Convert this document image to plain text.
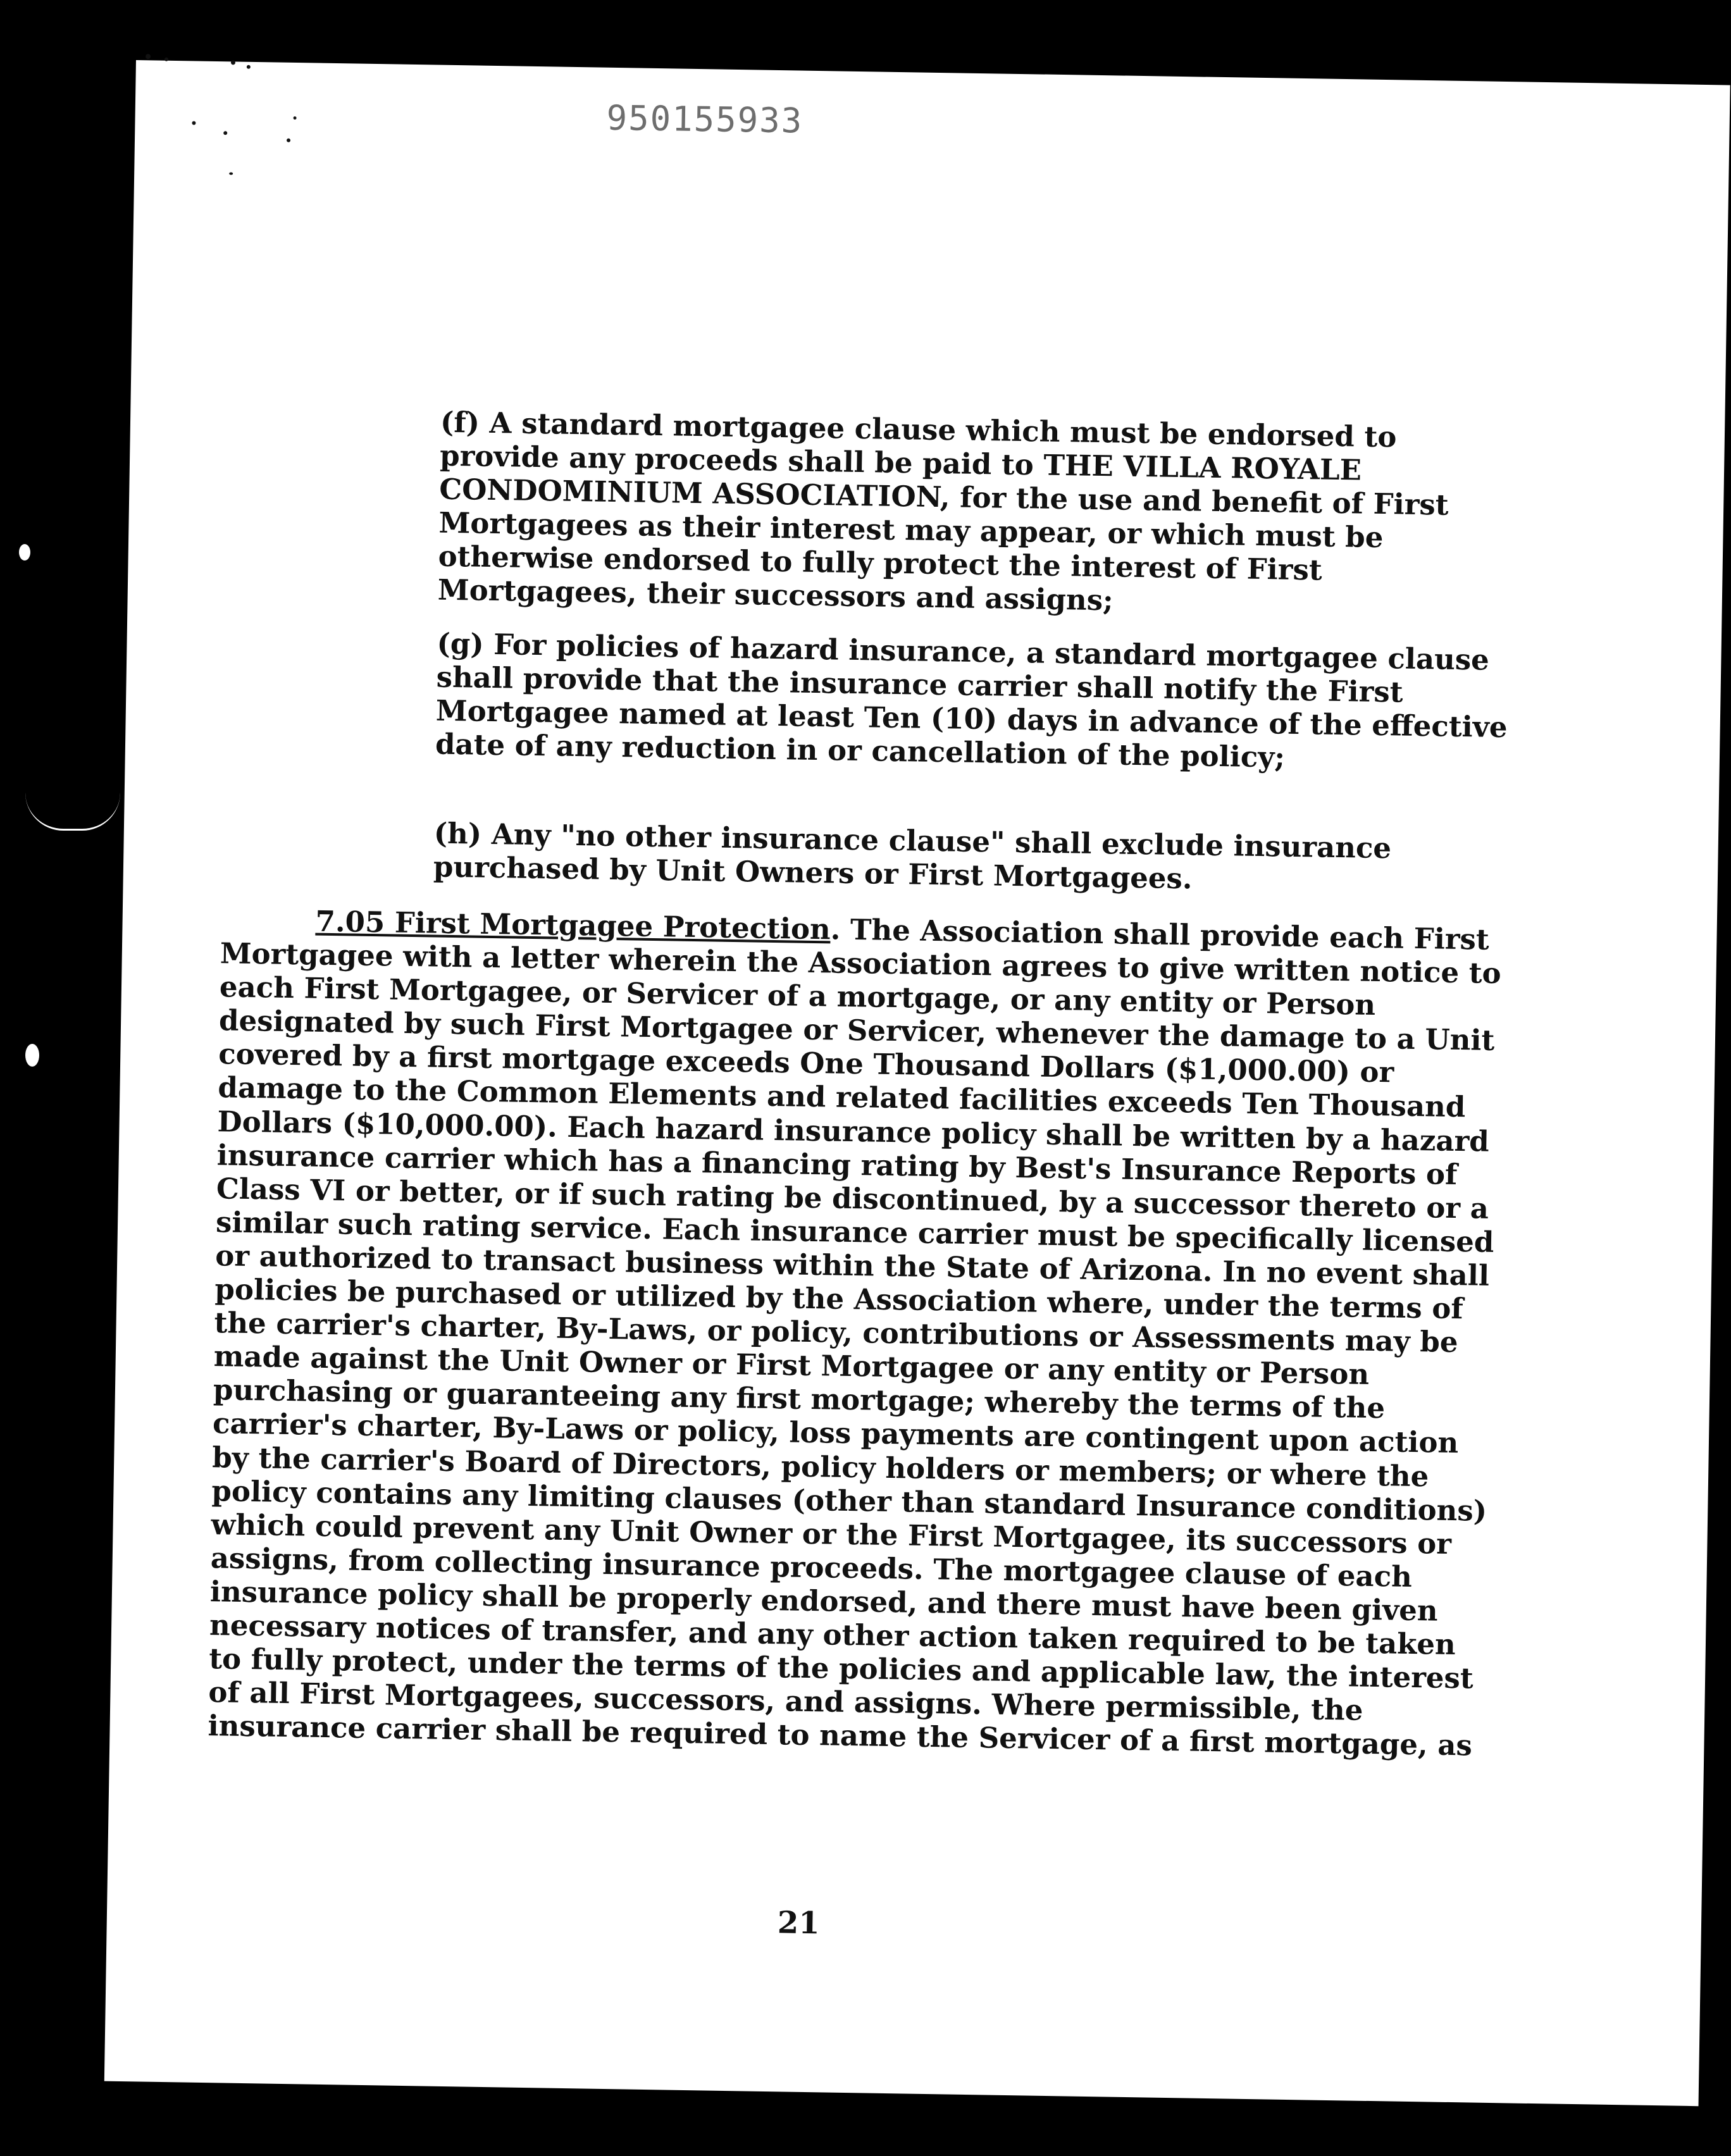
950155933

(f) A standard mortgagee clause which must be endorsed to provide any proceeds shall be paid to THE VILLA ROYALE CONDOMINIUM ASSOCIATION, for the use and benefit of First Mortgagees as their interest may appear, or which must be otherwise endorsed to fully protect the interest of First Mortgagees, their successors and assigns;

(g) For policies of hazard insurance, a standard mortgagee clause shall provide that the insurance carrier shall notify the First Mortgagee named at least Ten (10) days in advance of the effective date of any reduction in or cancellation of the policy;

(h) Any "no other insurance clause" shall exclude insurance purchased by Unit Owners or First Mortgagees.

7.05 First Mortgagee Protection. The Association shall provide each First Mortgagee with a letter wherein the Association agrees to give written notice to each First Mortgagee, or Servicer of a mortgage, or any entity or Person designated by such First Mortgagee or Servicer, whenever the damage to a Unit covered by a first mortgage exceeds One Thousand Dollars ($1,000.00) or damage to the Common Elements and related facilities exceeds Ten Thousand Dollars ($10,000.00). Each hazard insurance policy shall be written by a hazard insurance carrier which has a financing rating by Best's Insurance Reports of Class VI or better, or if such rating be discontinued, by a successor thereto or a similar such rating service. Each insurance carrier must be specifically licensed or authorized to transact business within the State of Arizona. In no event shall policies be purchased or utilized by the Association where, under the terms of the carrier's charter, By-Laws, or policy, contributions or Assessments may be made against the Unit Owner or First Mortgagee or any entity or Person purchasing or guaranteeing any first mortgage; whereby the terms of the carrier's charter, By-Laws or policy, loss payments are contingent upon action by the carrier's Board of Directors, policy holders or members; or where the policy contains any limiting clauses (other than standard Insurance conditions) which could prevent any Unit Owner or the First Mortgagee, its successors or assigns, from collecting insurance proceeds. The mortgagee clause of each insurance policy shall be properly endorsed, and there must have been given necessary notices of transfer, and any other action taken required to be taken to fully protect, under the terms of the policies and applicable law, the interest of all First Mortgagees, successors, and assigns. Where permissible, the insurance carrier shall be required to name the Servicer of a first mortgage, as

21
